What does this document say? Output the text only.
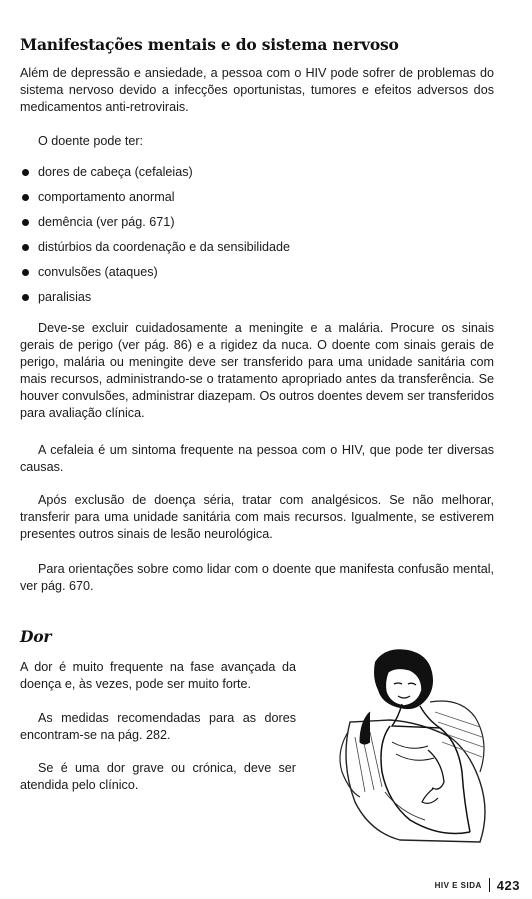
Manifestações mentais e do sistema nervoso

Além de depressão e ansiedade, a pessoa com o HIV pode sofrer de problemas do sistema nervoso devido a infecções oportunistas, tumores e efeitos adversos dos medicamentos anti-retrovirais.

O doente pode ter:

dores de cabeça (cefaleias)
comportamento anormal
demência (ver pág. 671)
distúrbios da coordenação e da sensibilidade
convulsões (ataques)
paralisias

Deve-se excluir cuidadosamente a meningite e a malária. Procure os sinais gerais de perigo (ver pág. 86) e a rigidez da nuca. O doente com sinais gerais de perigo, malária ou meningite deve ser transferido para uma unidade sanitária com mais recursos, administrando-se o tratamento apropriado antes da transferência. Se houver convulsões, administrar diazepam. Os outros doentes devem ser transferidos para avaliação clínica.

A cefaleia é um sintoma frequente na pessoa com o HIV, que pode ter diversas causas.

Após exclusão de doença séria, tratar com analgésicos. Se não melhorar, transferir para uma unidade sanitária com mais recursos. Igualmente, se estiverem presentes outros sinais de lesão neurológica.

Para orientações sobre como lidar com o doente que manifesta confusão mental, ver pág. 670.

Dor

A dor é muito frequente na fase avançada da doença e, às vezes, pode ser muito forte.

As medidas recomendadas para as dores encontram-se na pág. 282.

Se é uma dor grave ou crónica, deve ser atendida pelo clínico.

HIV E SIDA 423
